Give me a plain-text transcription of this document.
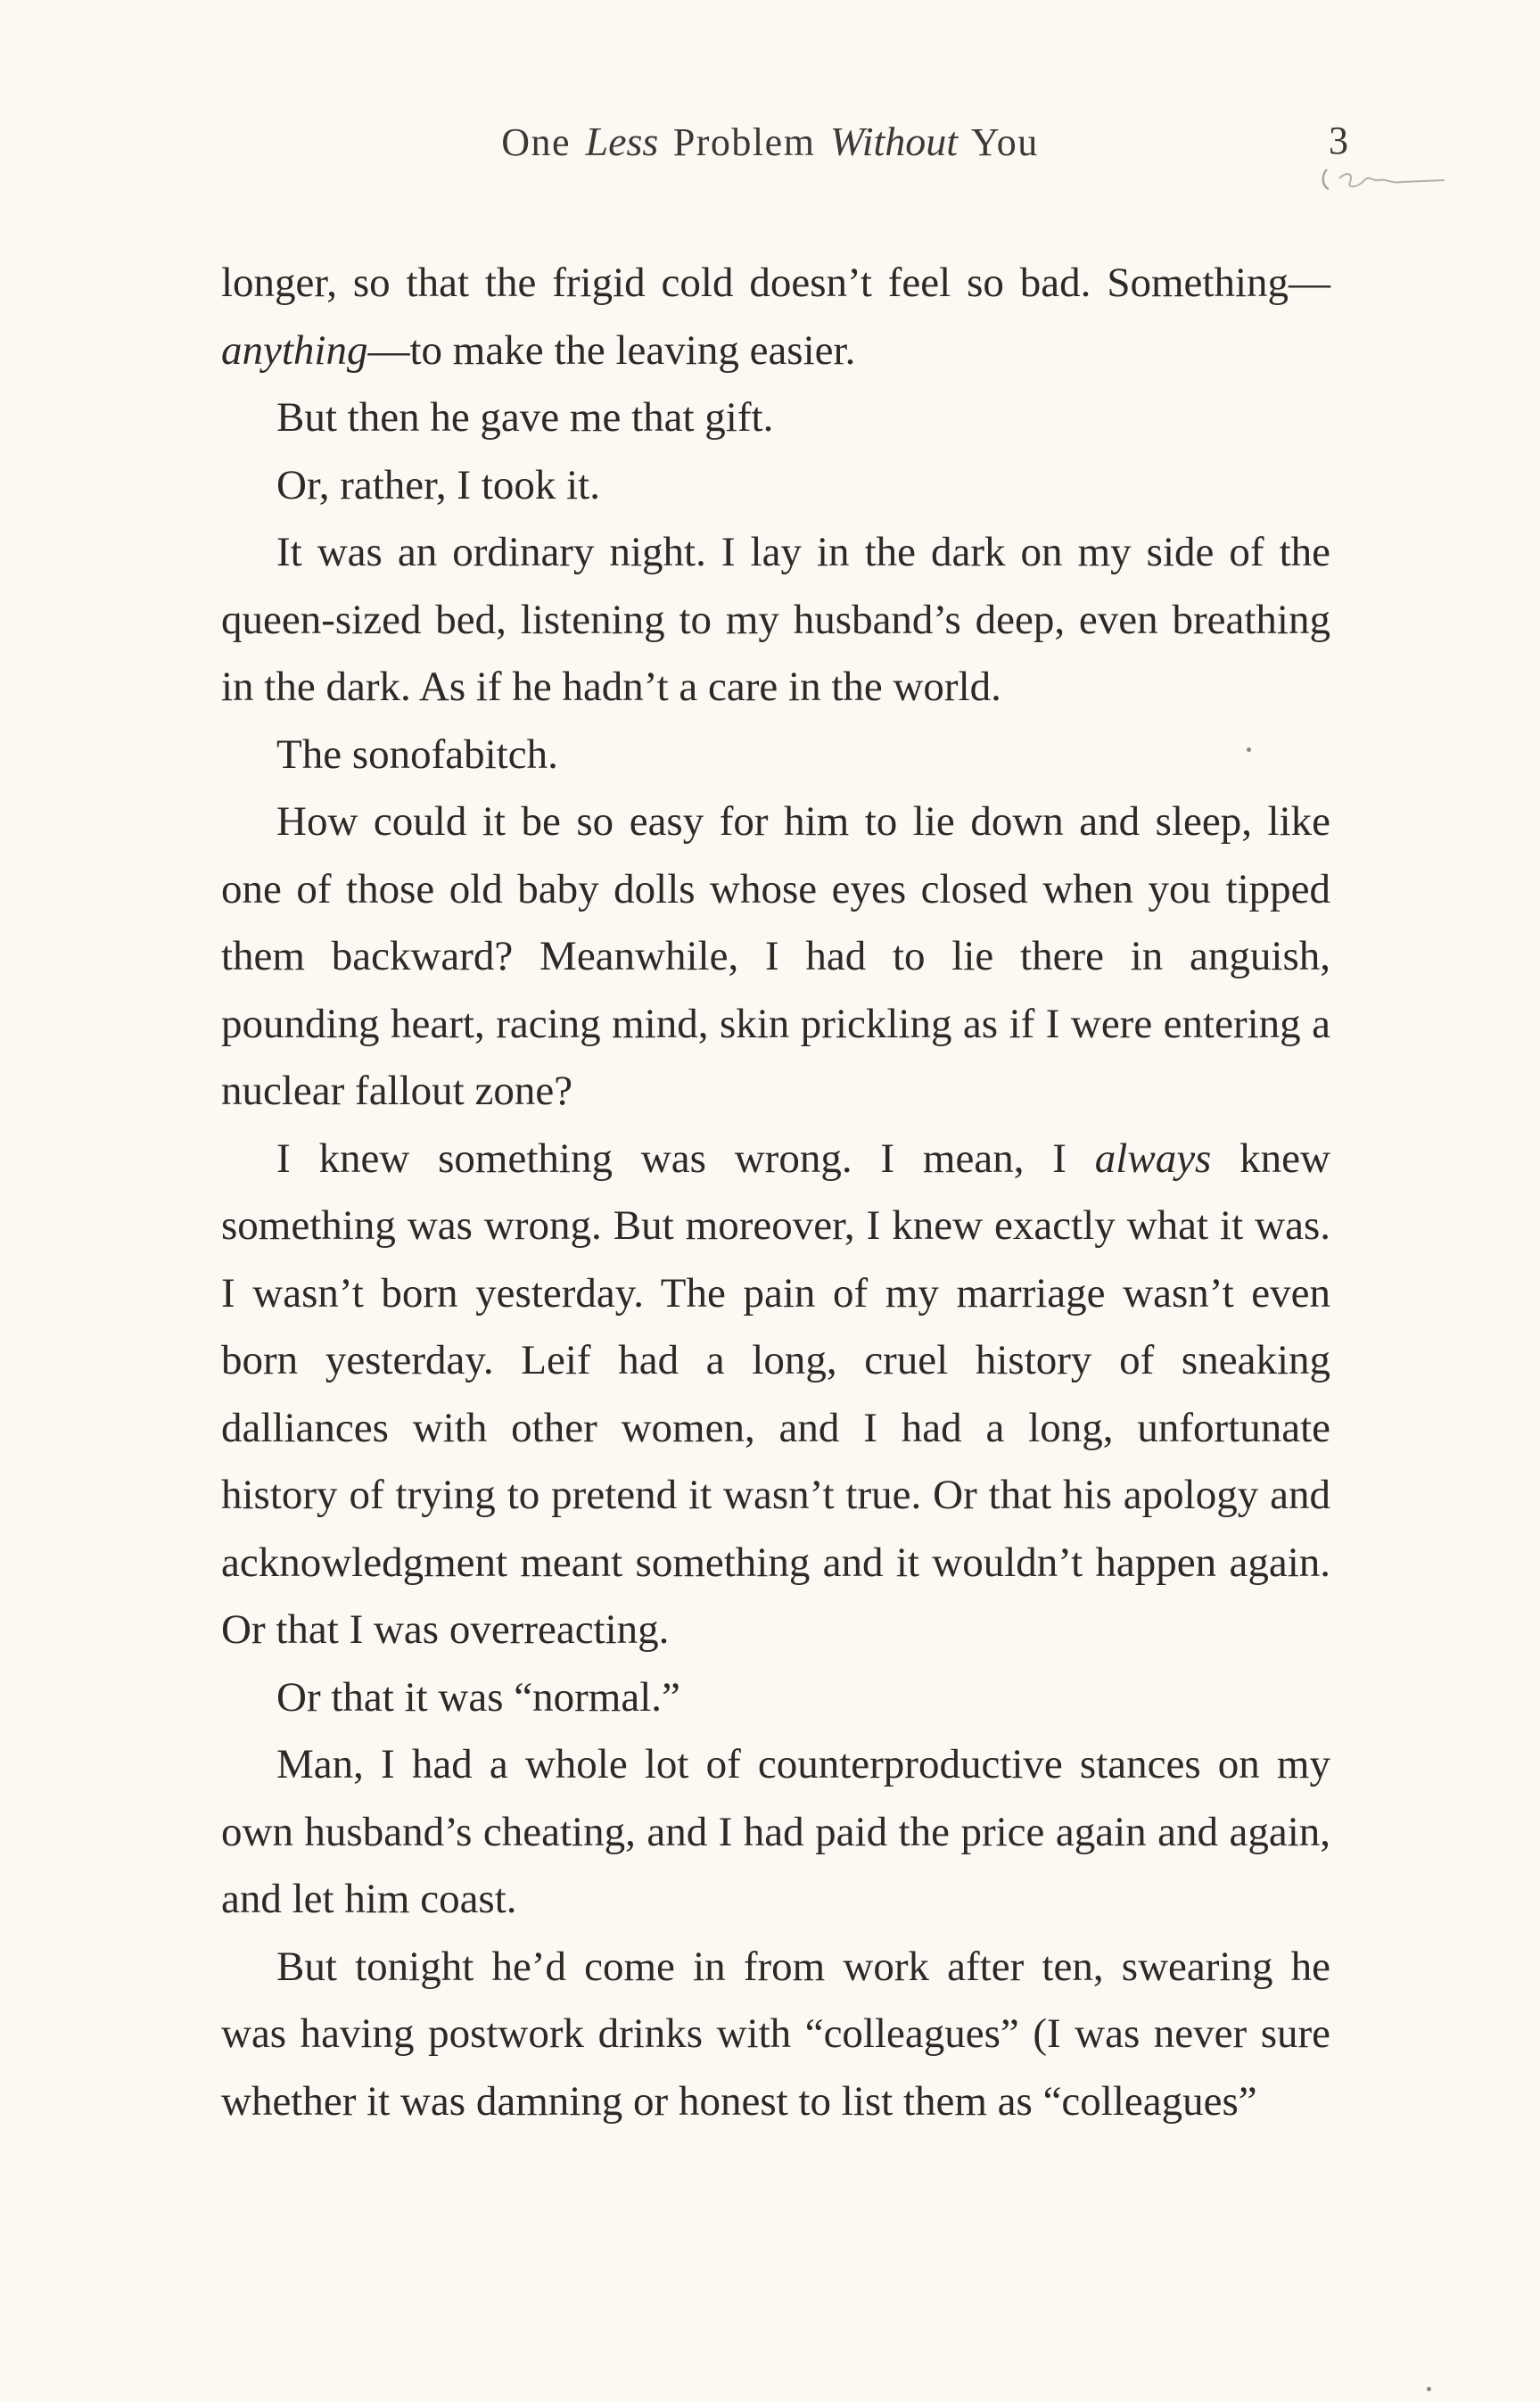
One Less Problem Without You	3

longer, so that the frigid cold doesn’t feel so bad. Something—anything—to make the leaving easier.

But then he gave me that gift.

Or, rather, I took it.

It was an ordinary night. I lay in the dark on my side of the queen-sized bed, listening to my husband’s deep, even breathing in the dark. As if he hadn’t a care in the world.

The sonofabitch.

How could it be so easy for him to lie down and sleep, like one of those old baby dolls whose eyes closed when you tipped them backward? Meanwhile, I had to lie there in anguish, pounding heart, racing mind, skin prickling as if I were entering a nuclear fallout zone?

I knew something was wrong. I mean, I always knew something was wrong. But moreover, I knew exactly what it was. I wasn’t born yesterday. The pain of my marriage wasn’t even born yesterday. Leif had a long, cruel history of sneaking dalliances with other women, and I had a long, unfortunate history of trying to pretend it wasn’t true. Or that his apology and acknowledgment meant something and it wouldn’t happen again. Or that I was overreacting.

Or that it was “normal.”

Man, I had a whole lot of counterproductive stances on my own husband’s cheating, and I had paid the price again and again, and let him coast.

But tonight he’d come in from work after ten, swearing he was having postwork drinks with “colleagues” (I was never sure whether it was damning or honest to list them as “colleagues”
